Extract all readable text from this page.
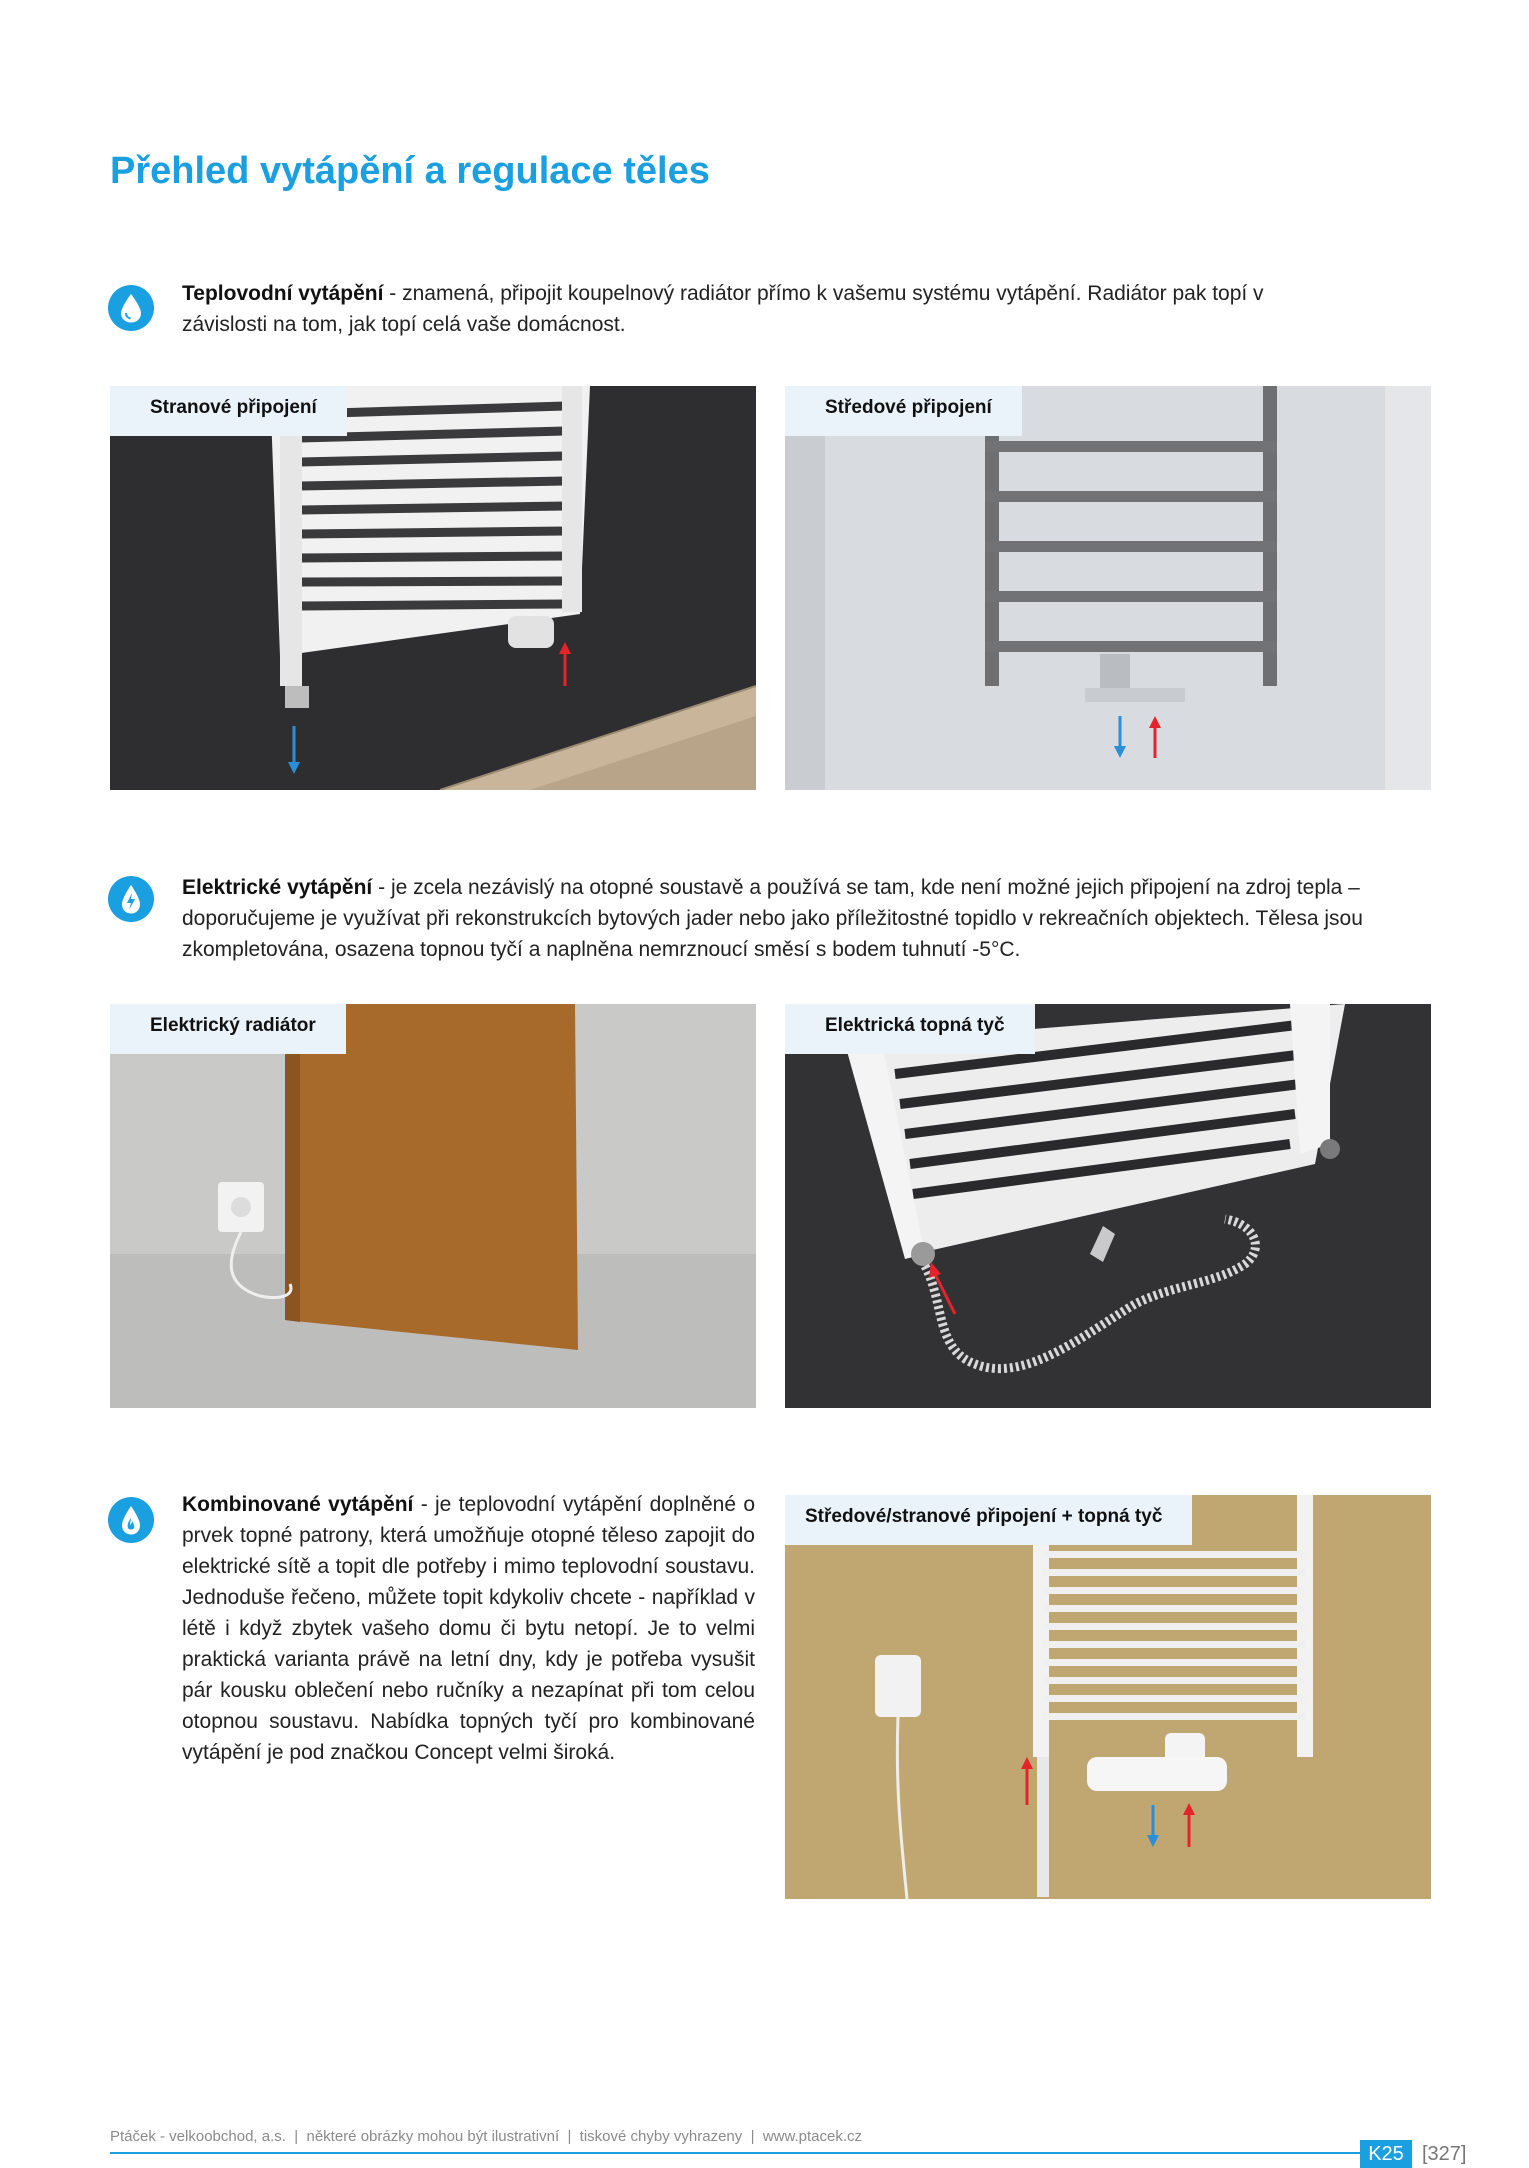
Přehled vytápění a regulace těles

Teplovodní vytápění - znamená, připojit koupelnový radiátor přímo k vašemu systému vytápění. Radiátor pak topí v závislosti na tom, jak topí celá vaše domácnost.

Stranové připojení	Středové připojení

Elektrické vytápění - je zcela nezávislý na otopné soustavě a používá se tam, kde není možné jejich připojení na zdroj tepla – doporučujeme je využívat při rekonstrukcích bytových jader nebo jako příležitostné topidlo v rekreačních objektech. Tělesa jsou zkompletována, osazena topnou tyčí a naplněna nemrznoucí směsí s bodem tuhnutí -5°C.

Elektrický radiátor	Elektrická topná tyč

Kombinované vytápění - je teplovodní vytápění doplněné o prvek topné patrony, která umožňuje otopné těleso zapojit do elektrické sítě a topit dle potřeby i mimo teplovodní soustavu. Jednoduše řečeno, můžete topit kdykoliv chcete - například v létě i když zbytek vašeho domu či bytu netopí. Je to velmi praktická varianta právě na letní dny, kdy je potřeba vysušit pár kousku oblečení nebo ručníky a nezapínat při tom celou otopnou soustavu. Nabídka topných tyčí pro kombinované vytápění je pod značkou Concept velmi široká.

Středové/stranové připojení + topná tyč
Ptáček - velkoobchod, a.s.  |  některé obrázky mohou být ilustrativní  |  tiskové chyby vyhrazeny  |  www.ptacek.cz
K25 [327]
